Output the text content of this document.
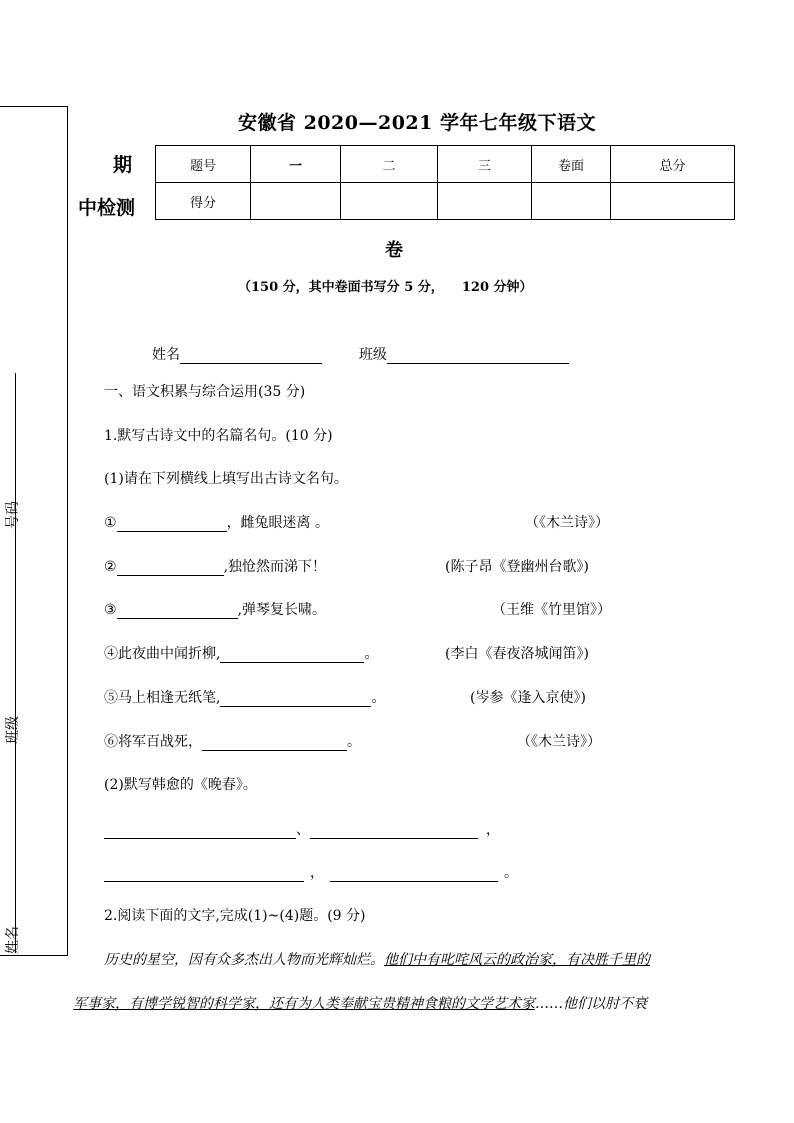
号码
班级
姓名
安徽省 2020—2021 学年七年级下语文
期
中检测
题号	一	二	三	卷面	总分
得分					
卷
（150 分，其中卷面书写分 5 分，    120 分钟）
姓名	班级
一、语文积累与综合运用(35 分)
1.默写古诗文中的名篇名句。(10 分)
(1)请在下列横线上填写出古诗文名句。
①	，雌兔眼迷离 。	（《木兰诗》）
②	,独怆然而涕下！	(陈子昂《登幽州台歌》)
③	,弹琴复长啸。	（王维《竹里馆》）
④此夜曲中闻折柳,	。	(李白《春夜洛城闻笛》)
⑤马上相逢无纸笔,	。	(岑参《逢入京使》)
⑥将军百战死，	。	（《木兰诗》）
(2)默写韩愈的《晚春》。
、	，
，	。
2.阅读下面的文字,完成(1)~(4)题。(9 分)
历史的星空，因有众多杰出人物而光辉灿烂。他们中有叱咤风云的政治家，有决胜千里的
军事家，有博学锐智的科学家，还有为人类奉献宝贵精神食粮的文学艺术家……他们以肘不衰
